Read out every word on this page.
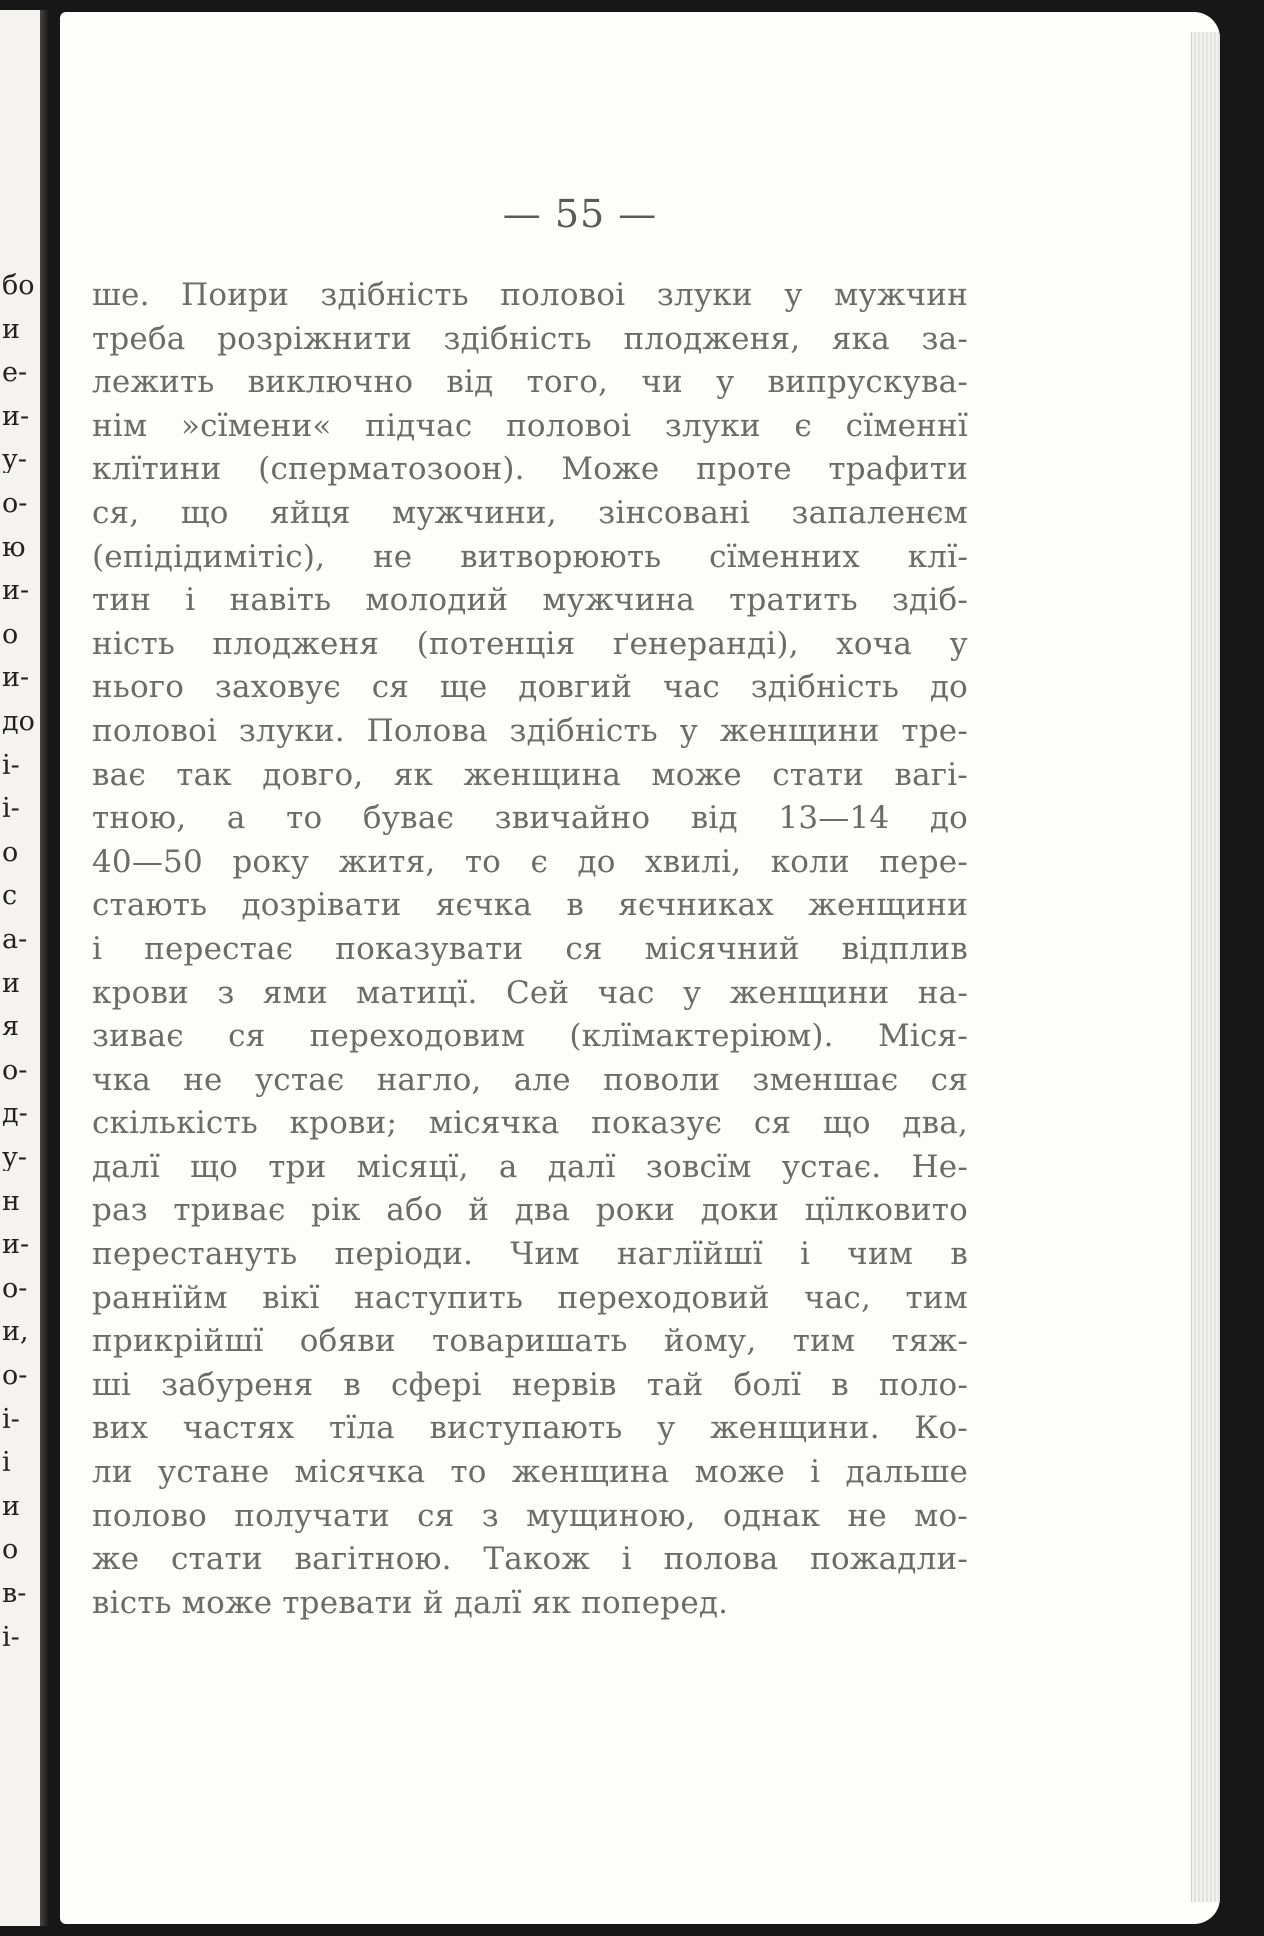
бо
и
е-
и-
у-
о-
ю
и-
о
и-
до
і-
і-
о
с
а-
и
я
о-
д-
у-
н
и-
о-
и,
о-
і-
і
и
о
в-
і-
— 55 —
ше. Поири здібність половоі злуки у мужчин
треба розріжнити здібність плодженя, яка за-
лежить виключно від того, чи у випрускува-
нім »сїмени« підчас половоі злуки є сїменнї
клїтини (сперматозоон). Може проте трафити
ся, що яйця мужчини, зінсовані запаленєм
(епідідимітіс), не витворюють сїменних клї-
тин і навіть молодий мужчина тратить здіб-
ність плодженя (потенція ґенеранді), хоча у
нього заховує ся ще довгий час здібність до
половоі злуки. Полова здібність у женщини тре-
ває так довго, як женщина може стати вагі-
тною, а то буває звичайно від 13—14 до
40—50 року житя, то є до хвилі, коли пере-
стають дозрівати яєчка в яєчниках женщини
і перестає показувати ся місячний відплив
крови з ями матицї. Сей час у женщини на-
зиває ся переходовим (клїмактеріюм). Міся-
чка не устає нагло, але поволи зменшає ся
скількість крови; місячка показує ся що два,
далї що три місяцї, а далї зовсїм устає. Не-
раз триває рік або й два роки доки цїлковито
перестануть періоди. Чим наглїйшї і чим в
раннїйм вікї наступить переходовий час, тим
прикрійшї обяви товаришать йому, тим тяж-
ші забуреня в сфері нервів тай болї в поло-
вих частях тїла виступають у женщини. Ко-
ли устане місячка то женщина може і дальше
полово получати ся з мущиною, однак не мо-
же стати вагітною. Також і полова пожадли-
вість може тревати й далї як поперед.
